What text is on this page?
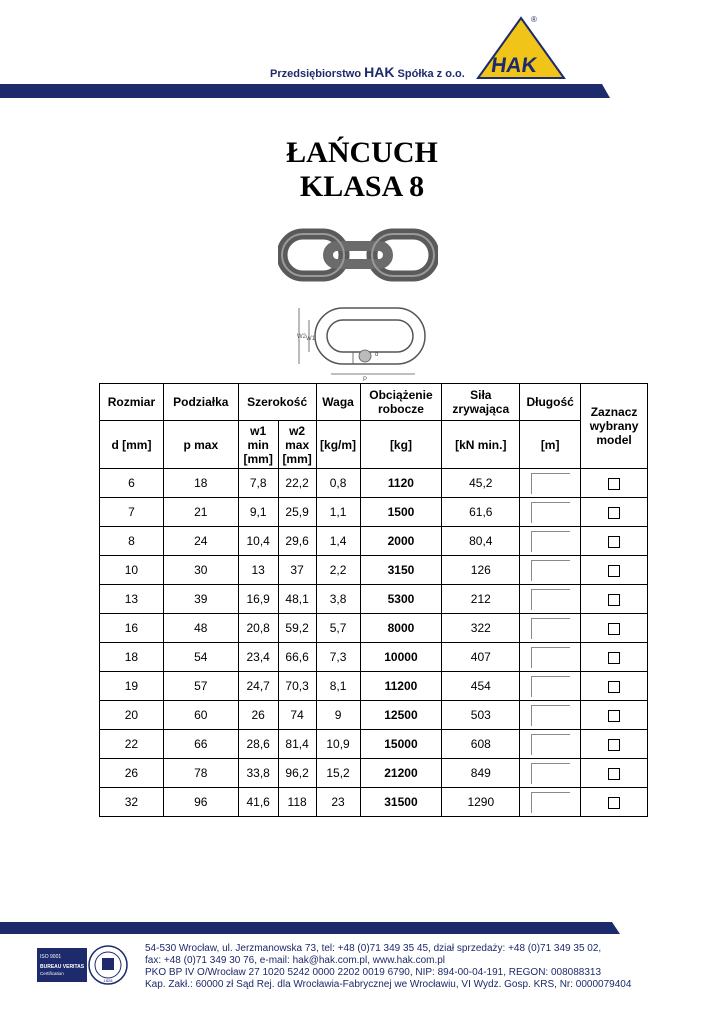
Przedsiębiorstwo HAK Spółka z o.o. HAK
®
ŁAŃCUCH
KLASA 8
W2 W1
d
P
Rozmiar	Podziałka	Szerokość		Waga	Obciążenie robocze	Siła zrywająca	Długość	Zaznacz wybrany model
d [mm]	p max	w1 min [mm]	w2 max [mm]	[kg/m]	[kg]	[kN min.]	[m]	
6	18	7,8	22,2	0,8	1120	45,2		
7	21	9,1	25,9	1,1	1500	61,6		
8	24	10,4	29,6	1,4	2000	80,4		
10	30	13	37	2,2	3150	126		
13	39	16,9	48,1	3,8	5300	212		
16	48	20,8	59,2	5,7	8000	322		
18	54	23,4	66,6	7,3	10000	407		
19	57	24,7	70,3	8,1	11200	454		
20	60	26	74	9	12500	503		
22	66	28,6	81,4	10,9	15000	608		
26	78	33,8	96,2	15,2	21200	849		
32	96	41,6	118	23	31500	1290		
ISO 9001
BUREAU VERITAS
Certification
1828
54-530 Wrocław, ul. Jerzmanowska 73, tel: +48 (0)71 349 35 45, dział sprzedaży: +48 (0)71 349 35 02,
fax: +48 (0)71 349 30 76, e-mail: hak@hak.com.pl, www.hak.com.pl
PKO BP IV O/Wrocław 27 1020 5242 0000 2202 0019 6790, NIP: 894-00-04-191, REGON: 008088313
Kap. Zakł.: 60000 zł Sąd Rej. dla Wrocławia-Fabrycznej we Wrocławiu, VI Wydz. Gosp. KRS, Nr: 0000079404
